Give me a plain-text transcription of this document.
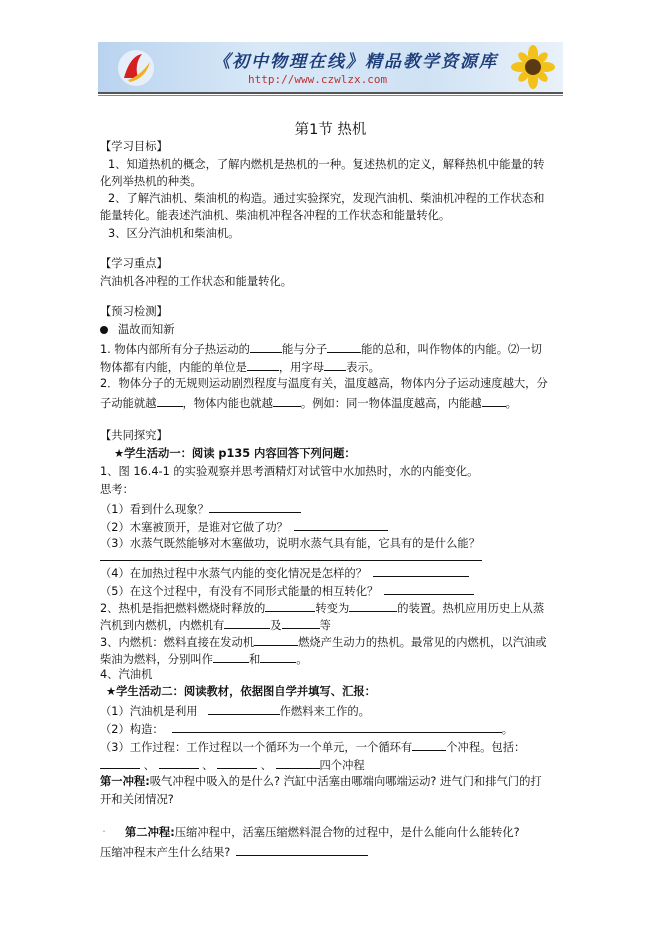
《初中物理在线》精品教学资源库
http://www.czwlzx.com
第1节 热机
【学习目标】
1、知道热机的概念，了解内燃机是热机的一种。复述热机的定义，解释热机中能量的转
化列举热机的种类。
2、了解汽油机、柴油机的构造。通过实验探究，发现汽油机、柴油机冲程的工作状态和
能量转化。能表述汽油机、柴油机冲程各冲程的工作状态和能量转化。
3、区分汽油机和柴油机。
【学习重点】
汽油机各冲程的工作状态和能量转化。
【预习检测】
温故而知新
1. 物体内部所有分子热运动的	能与分子	能的总和，叫作物体的内能。⑵一切
物体都有内能，内能的单位是	，用字母 表示。
2．物体分子的无规则运动剧烈程度与温度有关，温度越高，物体内分子运动速度越大，分
子动能就越 ，物体内能也就越 。例如：同一物体温度越高，内能越 。
【共同探究】
★学生活动一：阅读 p135 内容回答下列问题：
1、图 16.4-1 的实验观察并思考酒精灯对试管中水加热时，水的内能变化。
思考：
（1）看到什么现象？
（2）木塞被顶开，是谁对它做了功？
（3）水蒸气既然能够对木塞做功，说明水蒸气具有能，它具有的是什么能？
（4）在加热过程中水蒸气内能的变化情况是怎样的？
（5）在这个过程中，有没有不同形式能量的相互转化？
2、热机是指把燃料燃烧时释放的	转变为	的装置。热机应用历史上从蒸
汽机到内燃机，内燃机有	及	等
3、内燃机：燃料直接在发动机	燃烧产生动力的热机。最常见的内燃机，以汽油或
柴油为燃料，分别叫作	和	。
4、汽油机
★学生活动二：阅读教材，依据图自学并填写、汇报：
（1）汽油机是利用	作燃料来工作的。
（2）构造：	。
（3）工作过程：工作过程以一个循环为一个单元，一个循环有	个冲程。包括：
、	、	、	四个冲程
第一冲程:吸气冲程中吸入的是什么? 汽缸中活塞由哪端向哪端运动? 进气门和排气门的打
开和关闭情况?
ˇ 第二冲程:压缩冲程中，活塞压缩燃料混合物的过程中，是什么能向什么能转化?
压缩冲程末产生什么结果?
